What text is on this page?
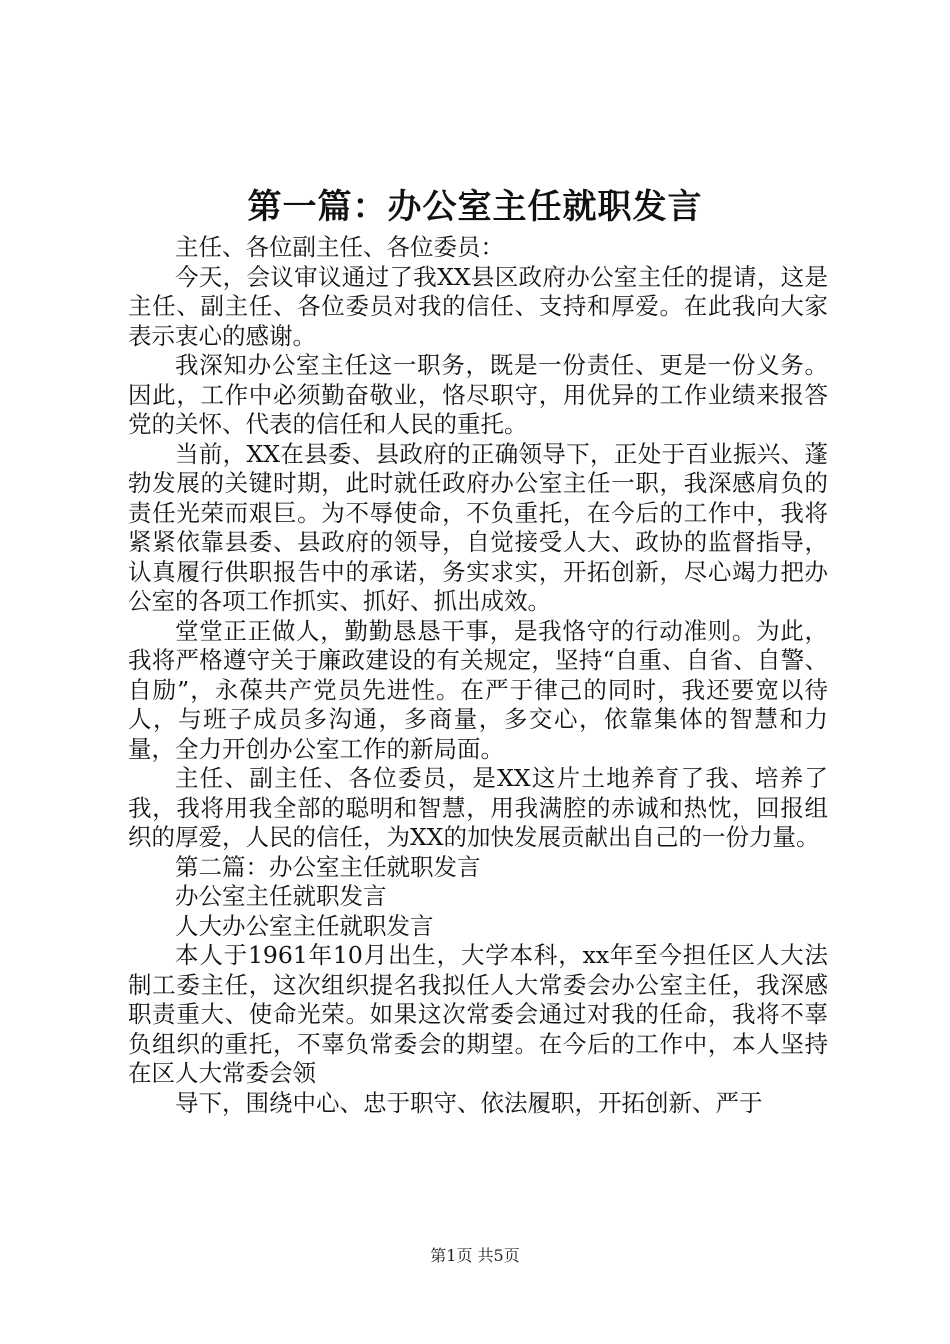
第一篇：办公室主任就职发言

主任、各位副主任、各位委员：

今天，会议审议通过了我XX县区政府办公室主任的提请，这是主任、副主任、各位委员对我的信任、支持和厚爱。在此我向大家表示衷心的感谢。

我深知办公室主任这一职务，既是一份责任、更是一份义务。因此，工作中必须勤奋敬业，恪尽职守，用优异的工作业绩来报答党的关怀、代表的信任和人民的重托。

当前，XX在县委、县政府的正确领导下，正处于百业振兴、蓬勃发展的关键时期，此时就任政府办公室主任一职，我深感肩负的责任光荣而艰巨。为不辱使命，不负重托，在今后的工作中，我将紧紧依靠县委、县政府的领导，自觉接受人大、政协的监督指导，认真履行供职报告中的承诺，务实求实，开拓创新，尽心竭力把办公室的各项工作抓实、抓好、抓出成效。

堂堂正正做人，勤勤恳恳干事，是我恪守的行动准则。为此，我将严格遵守关于廉政建设的有关规定，坚持“自重、自省、自警、自励”，永葆共产党员先进性。在严于律己的同时，我还要宽以待人，与班子成员多沟通，多商量，多交心，依靠集体的智慧和力量，全力开创办公室工作的新局面。

主任、副主任、各位委员，是XX这片土地养育了我、培养了我，我将用我全部的聪明和智慧，用我满腔的赤诚和热忱，回报组织的厚爱，人民的信任，为XX的加快发展贡献出自己的一份力量。

第二篇：办公室主任就职发言

办公室主任就职发言

人大办公室主任就职发言

本人于1961年10月出生，大学本科，xx年至今担任区人大法制工委主任，这次组织提名我拟任人大常委会办公室主任，我深感职责重大、使命光荣。如果这次常委会通过对我的任命，我将不辜负组织的重托，不辜负常委会的期望。在今后的工作中，本人坚持在区人大常委会领

导下，围绕中心、忠于职守、依法履职，开拓创新、严于

第1页 共5页
